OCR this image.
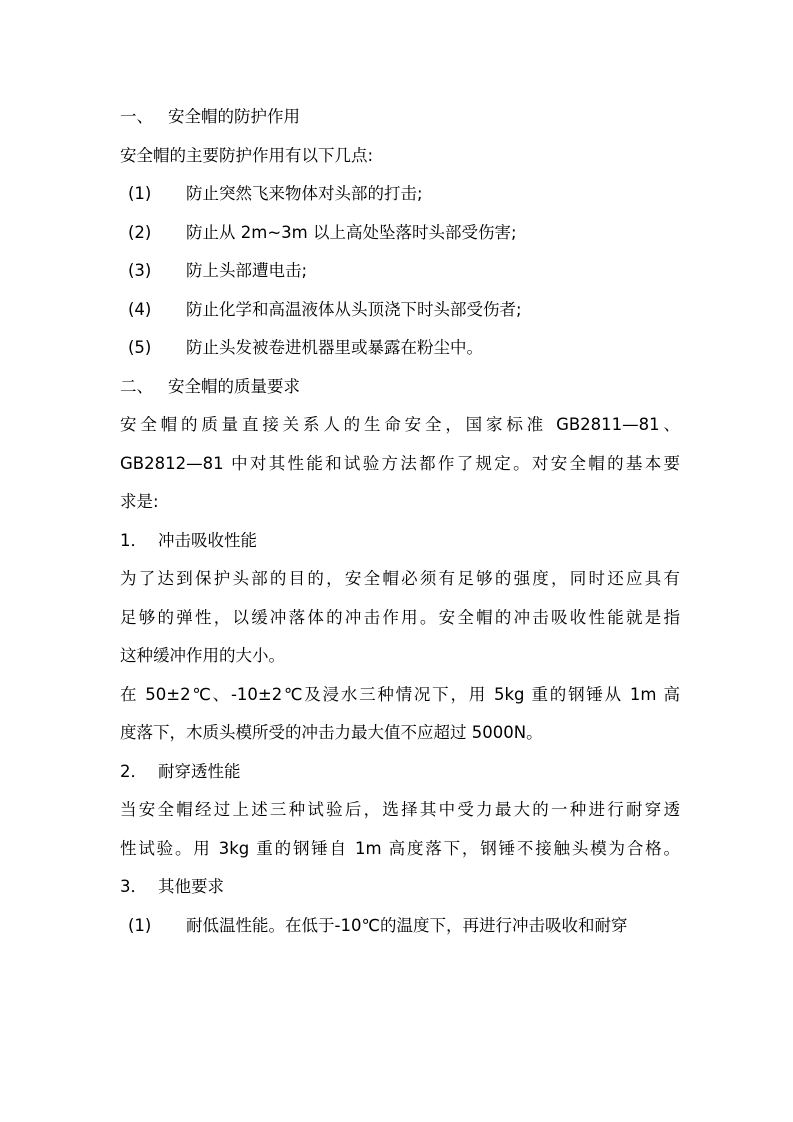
一、 安全帽的防护作用
安全帽的主要防护作用有以下几点:
(1) 防止突然飞来物体对头部的打击;
(2) 防止从 2m~3m 以上高处坠落时头部受伤害;
(3) 防上头部遭电击;
(4) 防止化学和高温液体从头顶浇下时头部受伤者;
(5) 防止头发被卷进机器里或暴露在粉尘中。
二、 安全帽的质量要求
安全帽的质量直接关系人的生命安全，国家标准 GB2811—81、
GB2812—81 中对其性能和试验方法都作了规定。对安全帽的基本要
求是:
1． 冲击吸收性能
为了达到保护头部的目的，安全帽必须有足够的强度，同时还应具有
足够的弹性，以缓冲落体的冲击作用。安全帽的冲击吸收性能就是指
这种缓冲作用的大小。
在 50±2℃、-10±2℃及浸水三种情况下，用 5kg 重的钢锤从 1m 高
度落下，木质头模所受的冲击力最大值不应超过 5000N。
2． 耐穿透性能
当安全帽经过上述三种试验后，选择其中受力最大的一种进行耐穿透
性试验。用 3kg 重的钢锤自 1m 高度落下，钢锤不接触头模为合格。
3． 其他要求
(1) 耐低温性能。在低于-10℃的温度下，再进行冲击吸收和耐穿
